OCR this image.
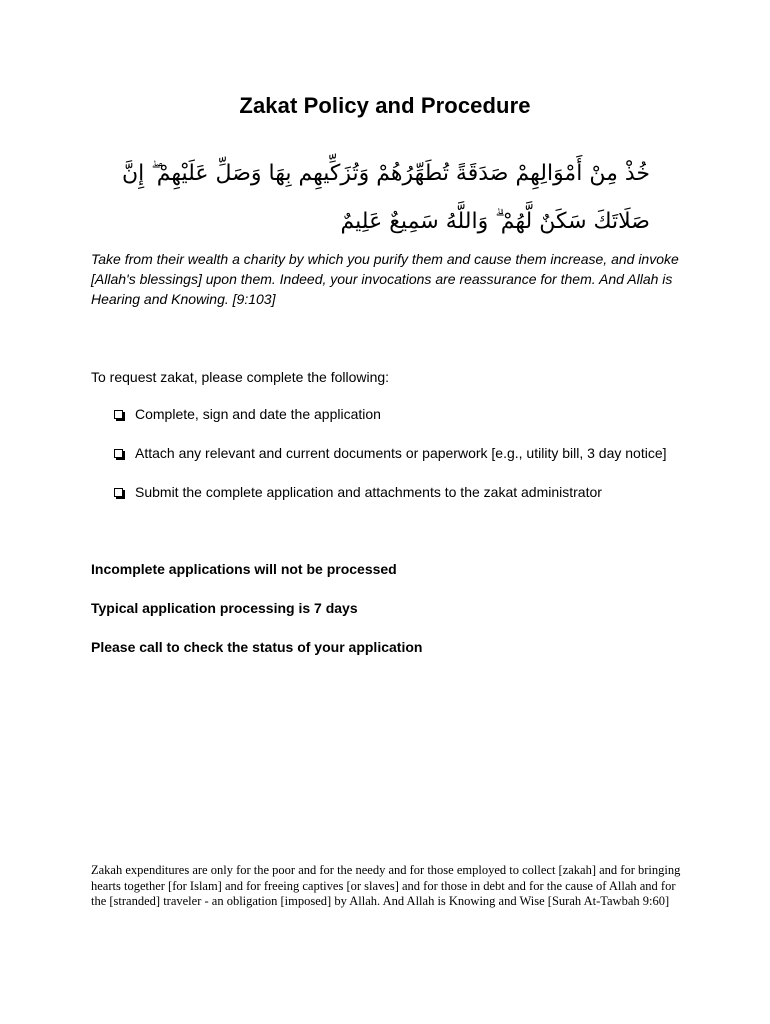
Zakat Policy and Procedure
خُذْ مِنْ أَمْوَالِهِمْ صَدَقَةً تُطَهِّرُهُمْ وَتُزَكِّيهِم بِهَا وَصَلِّ عَلَيْهِمْ ۖ إِنَّ صَلَاتَكَ سَكَنٌ لَّهُمْ ۗ وَاللَّهُ سَمِيعٌ عَلِيمٌ
Take from their wealth a charity by which you purify them and cause them increase, and invoke [Allah's blessings] upon them. Indeed, your invocations are reassurance for them. And Allah is Hearing and Knowing. [9:103]
To request zakat, please complete the following:
Complete, sign and date the application
Attach any relevant and current documents or paperwork [e.g., utility bill, 3 day notice]
Submit the complete application and attachments to the zakat administrator
Incomplete applications will not be processed
Typical application processing is 7 days
Please call to check the status of your application
Zakah expenditures are only for the poor and for the needy and for those employed to collect [zakah] and for bringing hearts together [for Islam] and for freeing captives [or slaves] and for those in debt and for the cause of Allah and for the [stranded] traveler - an obligation [imposed] by Allah. And Allah is Knowing and Wise [Surah At-Tawbah 9:60]
